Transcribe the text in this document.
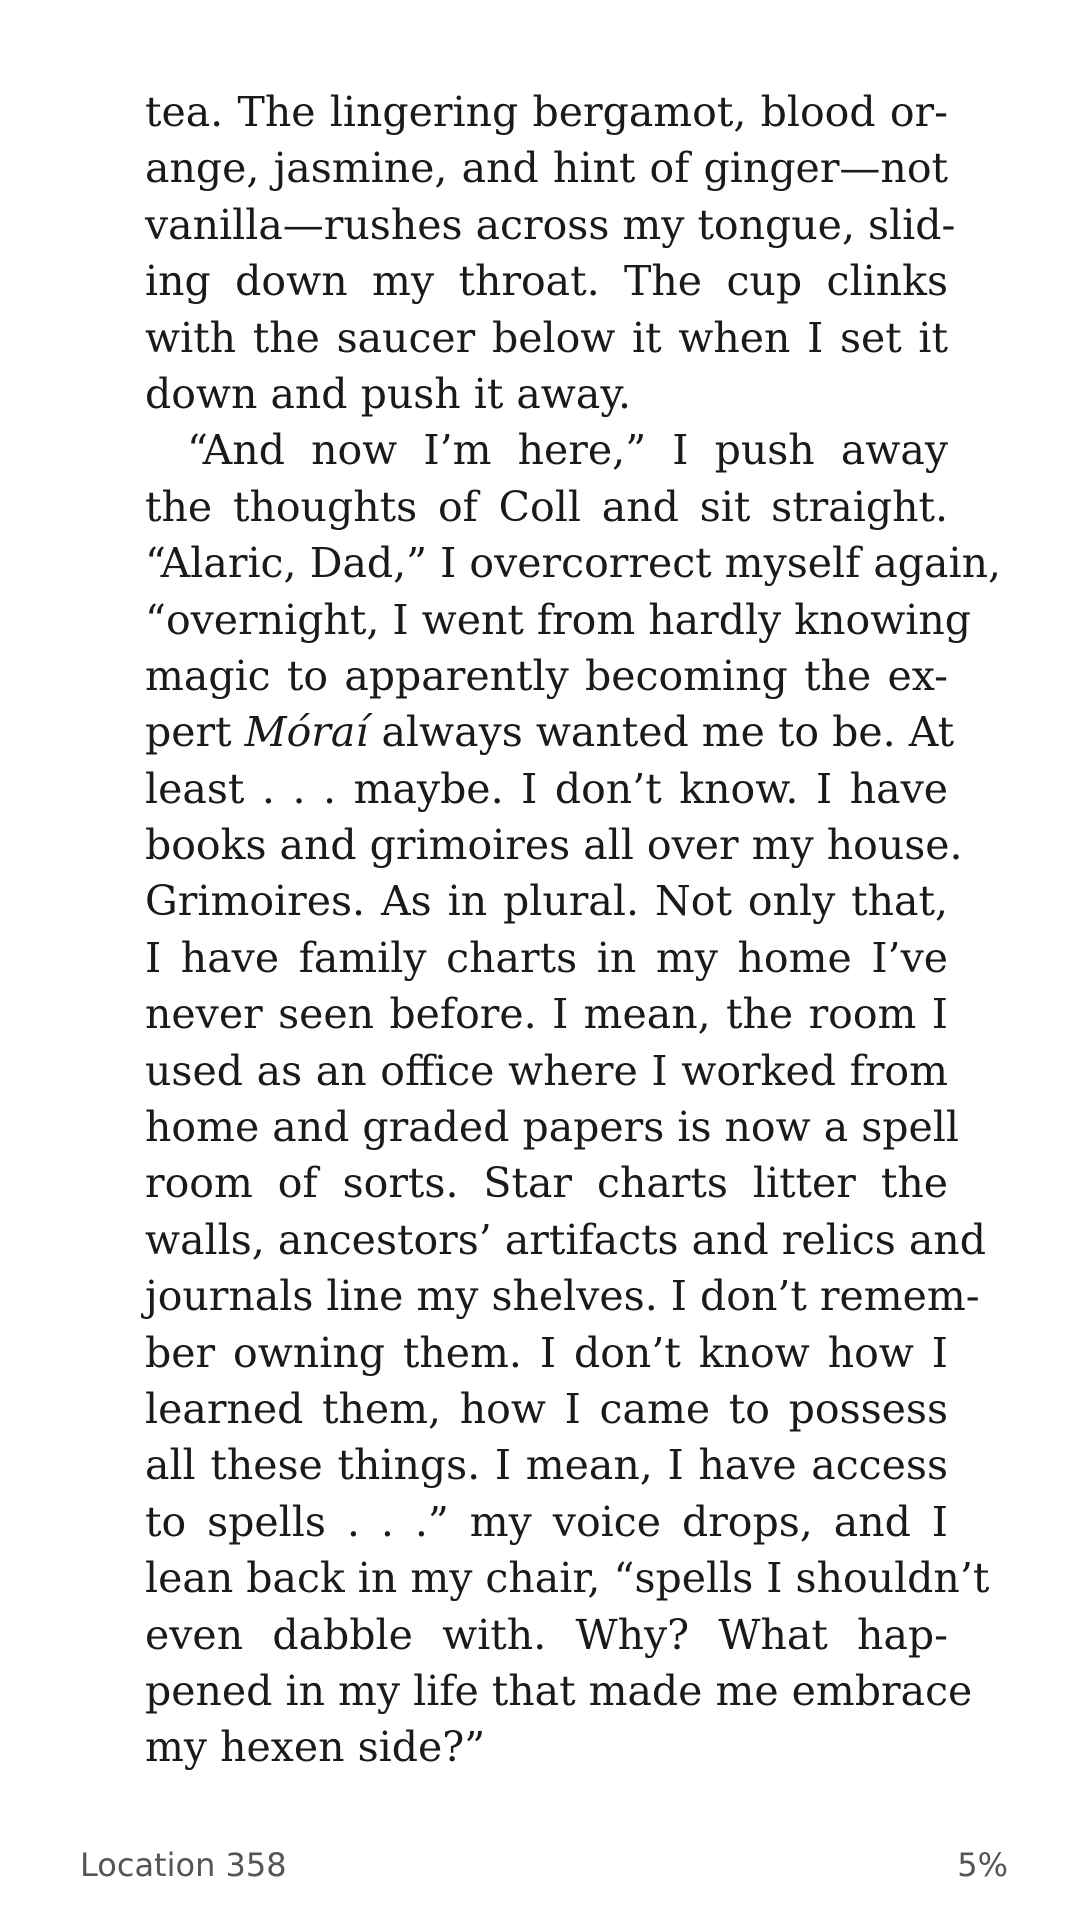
tea. The lingering bergamot, blood or-
ange, jasmine, and hint of ginger—not
vanilla—rushes across my tongue, slid-
ing down my throat. The cup clinks
with the saucer below it when I set it
down and push it away.
“And now I’m here,” I push away
the thoughts of Coll and sit straight.
“Alaric, Dad,” I overcorrect myself again,
“overnight, I went from hardly knowing
magic to apparently becoming the ex-
pert Móraí always wanted me to be. At
least . . . maybe. I don’t know. I have
books and grimoires all over my house.
Grimoires. As in plural. Not only that,
I have family charts in my home I’ve
never seen before. I mean, the room I
used as an office where I worked from
home and graded papers is now a spell
room of sorts. Star charts litter the
walls, ancestors’ artifacts and relics and
journals line my shelves. I don’t remem-
ber owning them. I don’t know how I
learned them, how I came to possess
all these things. I mean, I have access
to spells . . .” my voice drops, and I
lean back in my chair, “spells I shouldn’t
even dabble with. Why? What hap-
pened in my life that made me embrace
my hexen side?”
Location 358	5%
